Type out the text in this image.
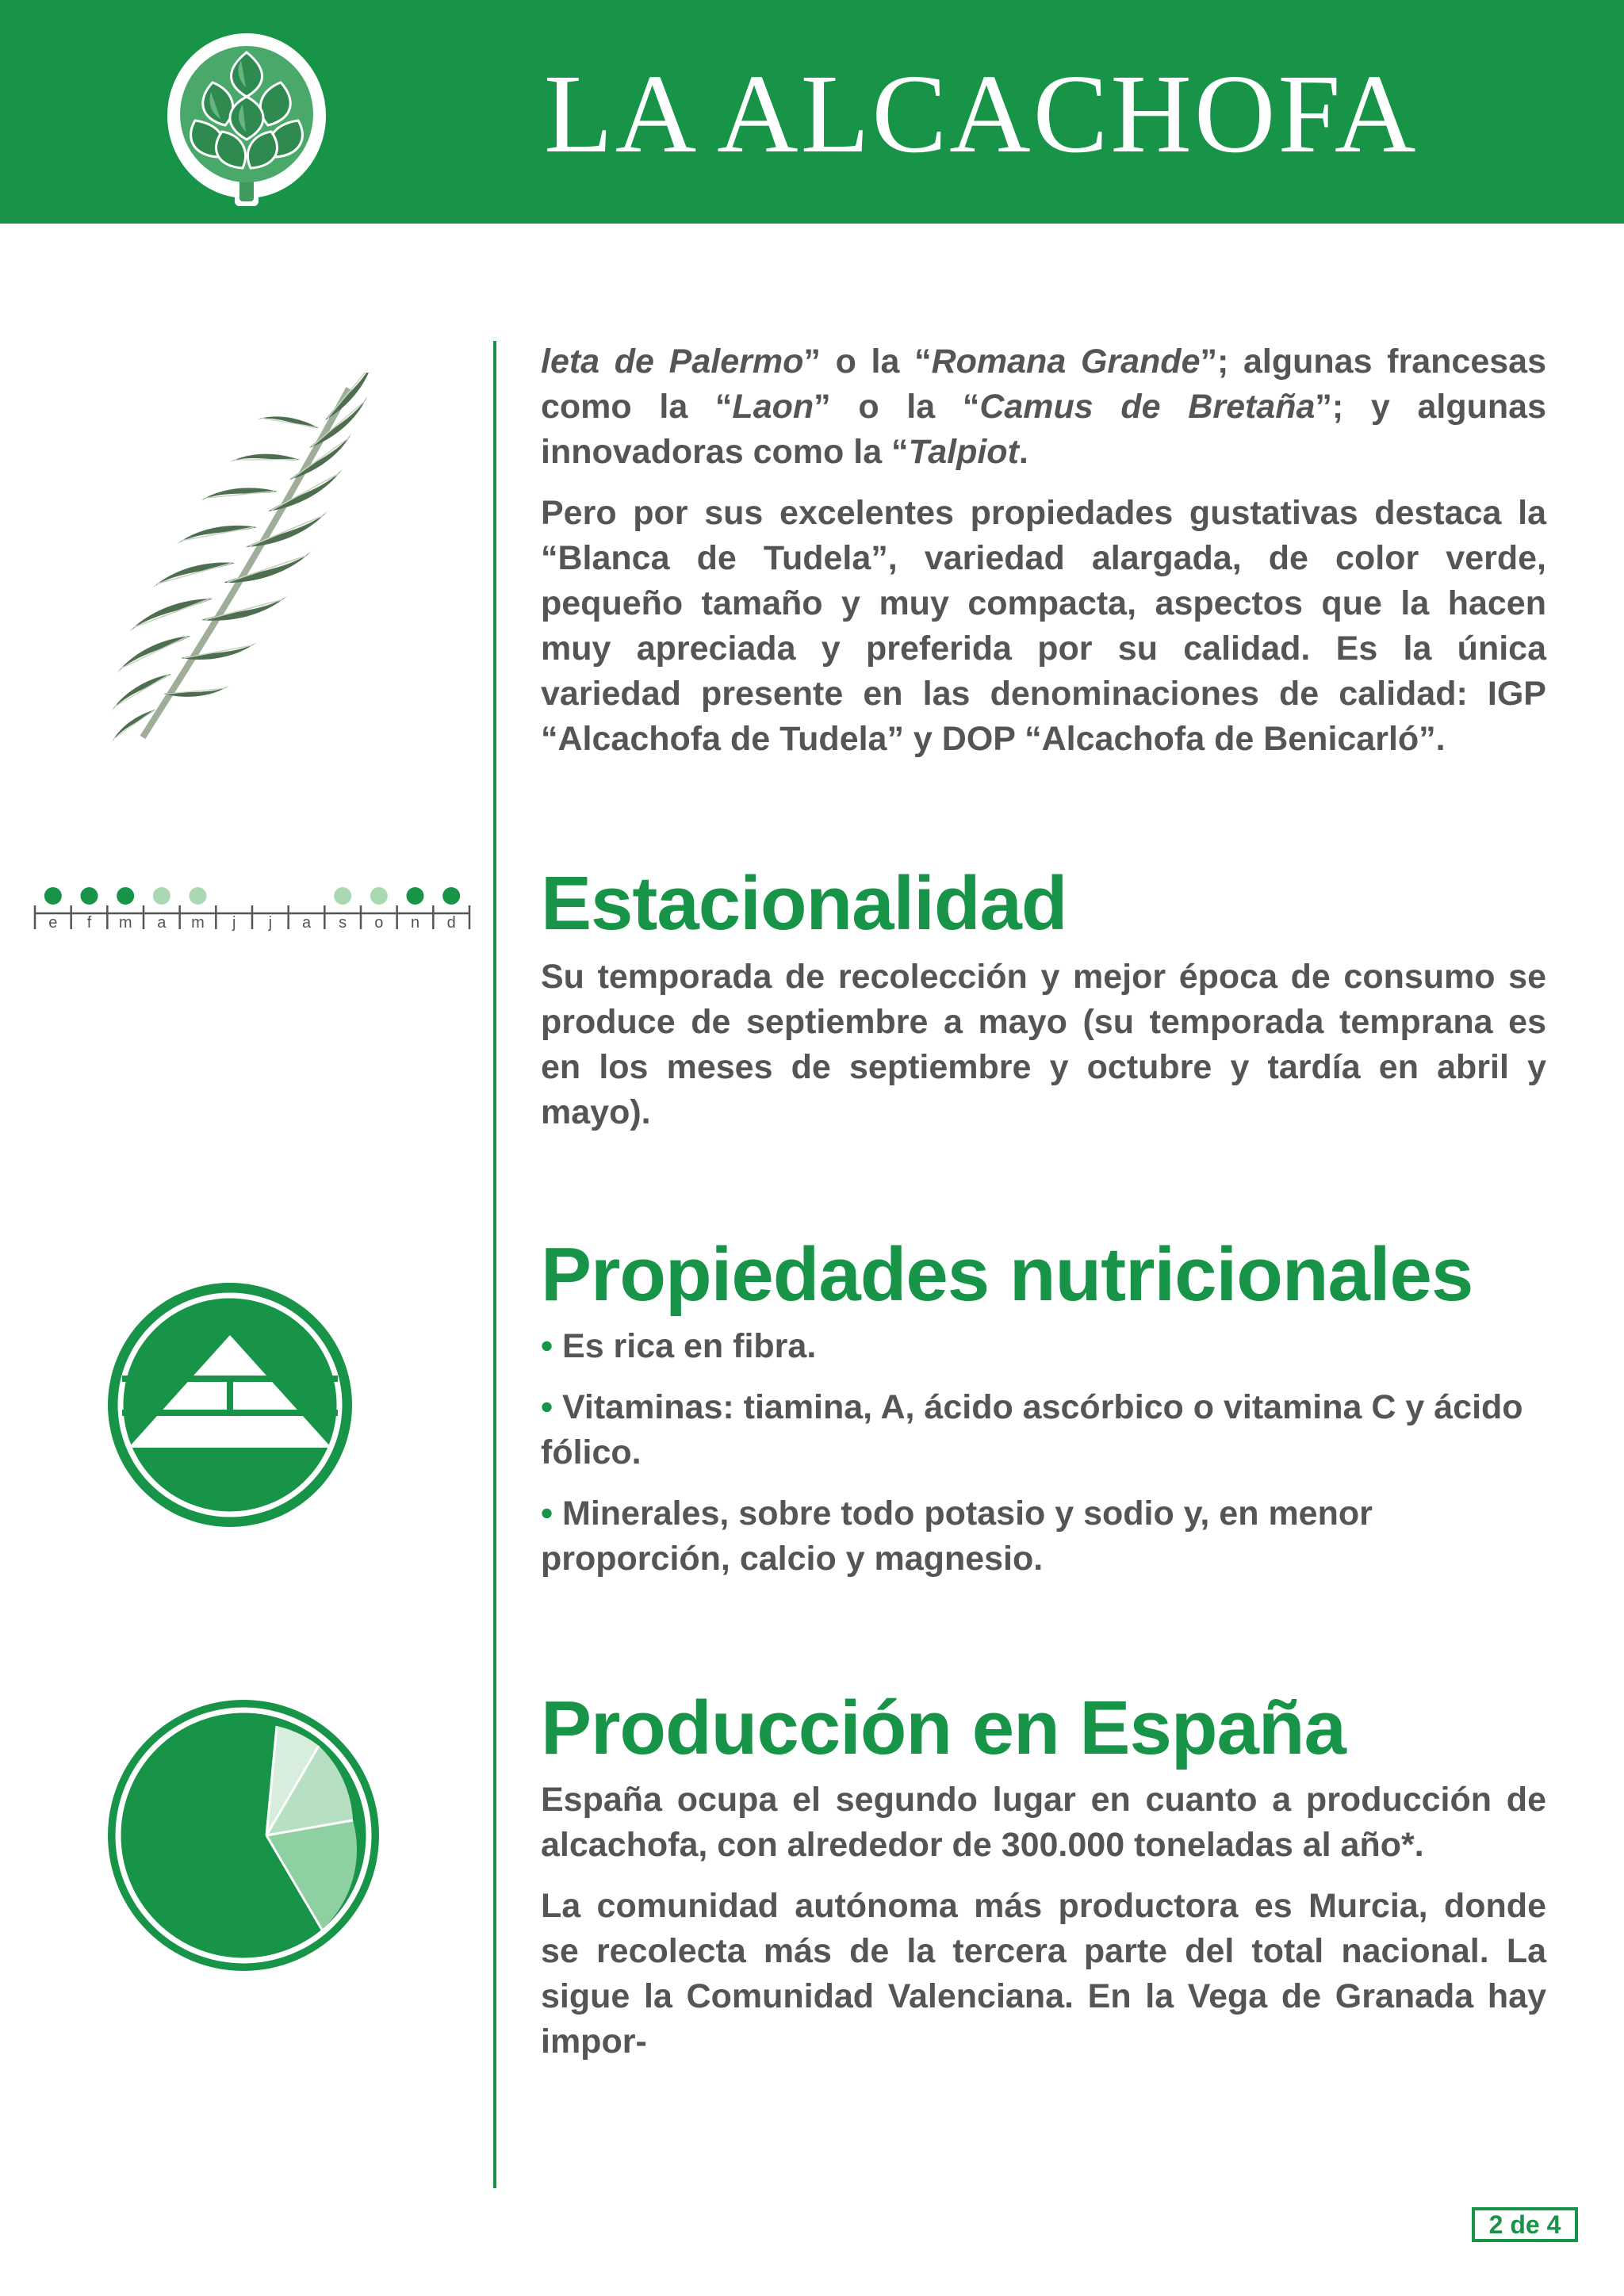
LA ALCACHOFA
e f m a m j j a s o n d

leta de Palermo” o la “Romana Grande”; algunas francesas como la “Laon” o la “Camus de Bretaña”; y algunas innovadoras como la “Talpiot.

Pero por sus excelentes propiedades gustativas destaca la “Blanca de Tudela”, variedad alargada, de color verde, pequeño tamaño y muy compacta, aspectos que la hacen muy apreciada y preferida por su calidad. Es la única variedad presente en las denominaciones de calidad: IGP “Alcachofa de Tudela” y DOP “Alcachofa de Benicarló”.

Estacionalidad

Su temporada de recolección y mejor época de consumo se produce de septiembre a mayo (su temporada temprana es en los meses de septiembre y octubre y tardía en abril y mayo).

Propiedades nutricionales

• Es rica en fibra.

• Vitaminas: tiamina, A, ácido ascórbico o vitamina C y ácido fólico.

• Minerales, sobre todo potasio y sodio y, en menor proporción, calcio y magnesio.

Producción en España

España ocupa el segundo lugar en cuanto a producción de alcachofa, con alrededor de 300.000 toneladas al año*.

La comunidad autónoma más productora es Murcia, donde se recolecta más de la tercera parte del total nacional. La sigue la Comunidad Valenciana. En la Vega de Granada hay impor-

2 de 4
